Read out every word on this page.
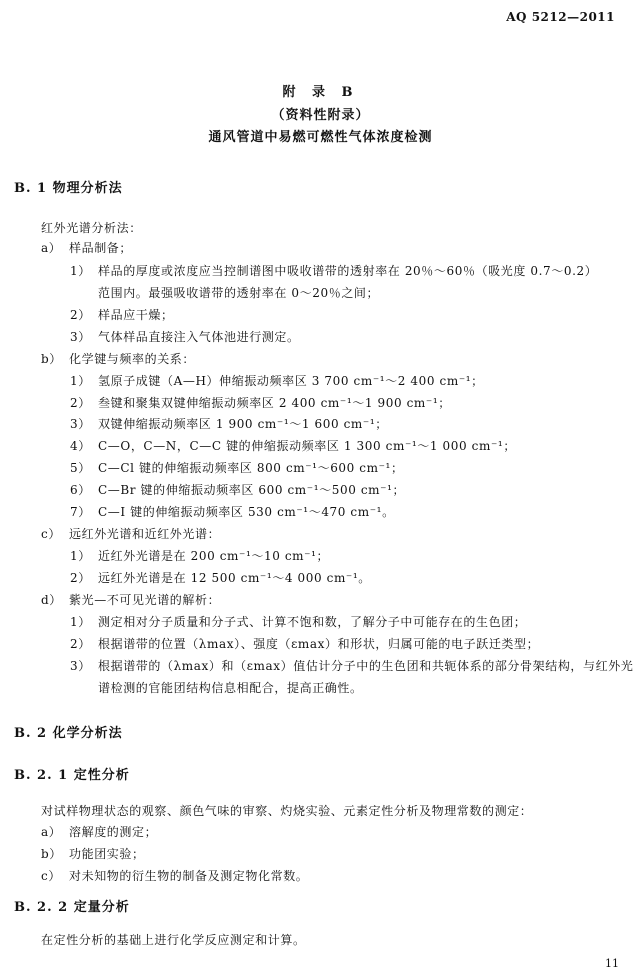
AQ 5212—2011
附 录 B
（资料性附录）
通风管道中易燃可燃性气体浓度检测
B. 1 物理分析法
红外光谱分析法：
a） 样品制备；
1） 样品的厚度或浓度应当控制谱图中吸收谱带的透射率在 20％～60％（吸光度 0.7～0.2）
范围内。最强吸收谱带的透射率在 0～20％之间；
2） 样品应干燥；
3） 气体样品直接注入气体池进行测定。
b） 化学键与频率的关系：
1） 氢原子成键（A—H）伸缩振动频率区 3 700 cm⁻¹～2 400 cm⁻¹；
2） 叁键和聚集双键伸缩振动频率区 2 400 cm⁻¹～1 900 cm⁻¹；
3） 双键伸缩振动频率区 1 900 cm⁻¹～1 600 cm⁻¹；
4） C—O，C—N，C—C 键的伸缩振动频率区 1 300 cm⁻¹～1 000 cm⁻¹；
5） C—Cl 键的伸缩振动频率区 800 cm⁻¹～600 cm⁻¹；
6） C—Br 键的伸缩振动频率区 600 cm⁻¹～500 cm⁻¹；
7） C—I 键的伸缩振动频率区 530 cm⁻¹～470 cm⁻¹。
c） 远红外光谱和近红外光谱：
1） 近红外光谱是在 200 cm⁻¹～10 cm⁻¹；
2） 远红外光谱是在 12 500 cm⁻¹～4 000 cm⁻¹。
d） 紫光—不可见光谱的解析：
1） 测定相对分子质量和分子式、计算不饱和数，了解分子中可能存在的生色团；
2） 根据谱带的位置（λmax）、强度（εmax）和形状，归属可能的电子跃迁类型；
3） 根据谱带的（λmax）和（εmax）值估计分子中的生色团和共轭体系的部分骨架结构，与红外光
谱检测的官能团结构信息相配合，提高正确性。
B. 2 化学分析法
B. 2. 1 定性分析
对试样物理状态的观察、颜色气味的审察、灼烧实验、元素定性分析及物理常数的测定：
a） 溶解度的测定；
b） 功能团实验；
c） 对未知物的衍生物的制备及测定物化常数。
B. 2. 2 定量分析
在定性分析的基础上进行化学反应测定和计算。
11
